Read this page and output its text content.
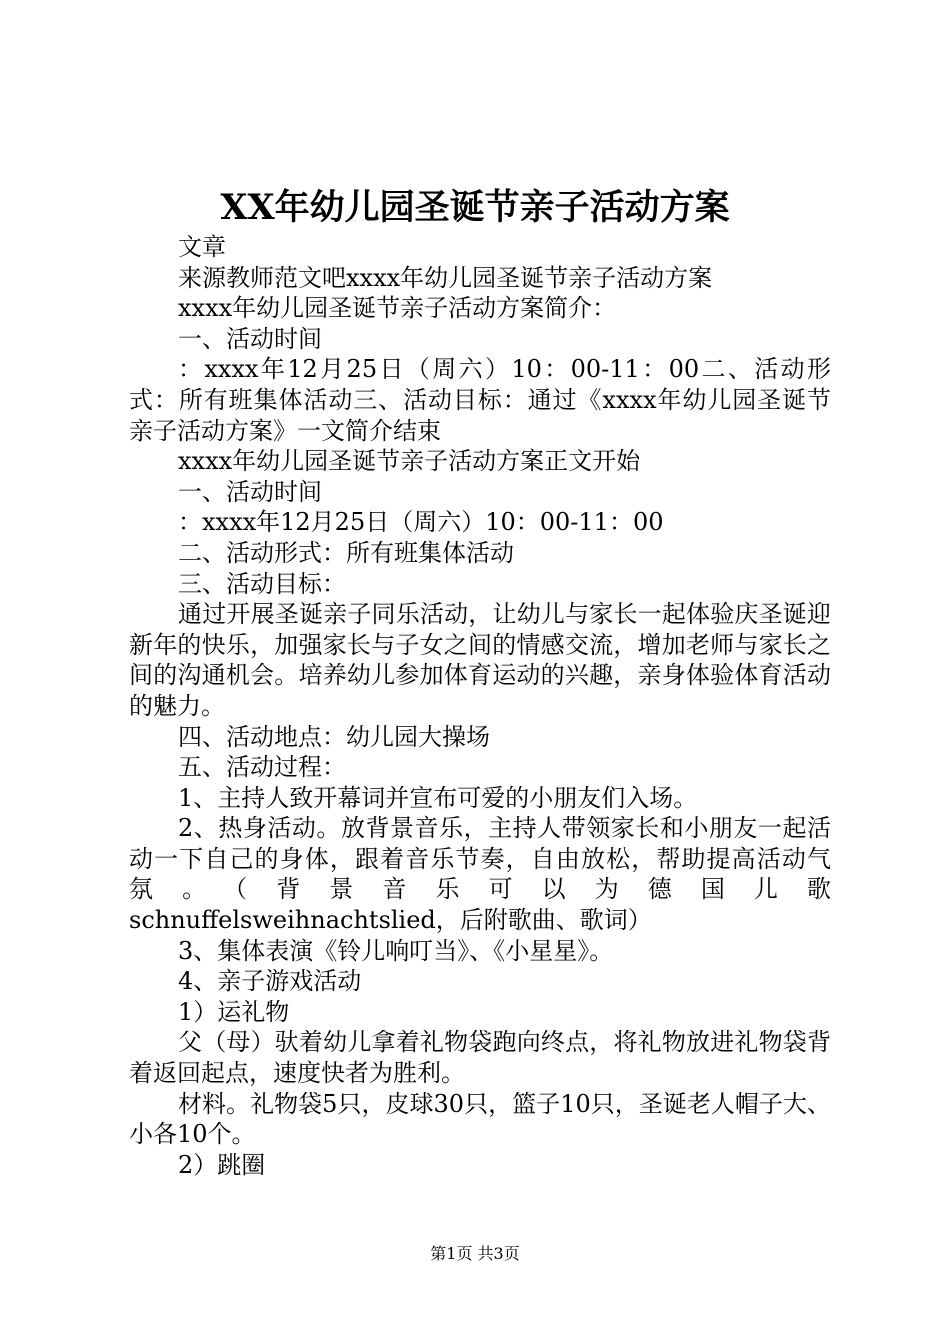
XX年幼儿园圣诞节亲子活动方案

文章

来源教师范文吧xxxx年幼儿园圣诞节亲子活动方案

xxxx年幼儿园圣诞节亲子活动方案简介：

一、活动时间

：xxxx年12月25日（周六）10：00-11：00二、活动形式：所有班集体活动三、活动目标：通过《xxxx年幼儿园圣诞节亲子活动方案》一文简介结束

xxxx年幼儿园圣诞节亲子活动方案正文开始

一、活动时间

：xxxx年12月25日（周六）10：00-11：00

二、活动形式：所有班集体活动

三、活动目标：

通过开展圣诞亲子同乐活动，让幼儿与家长一起体验庆圣诞迎新年的快乐，加强家长与子女之间的情感交流，增加老师与家长之间的沟通机会。培养幼儿参加体育运动的兴趣，亲身体验体育活动的魅力。

四、活动地点：幼儿园大操场

五、活动过程：

1、主持人致开幕词并宣布可爱的小朋友们入场。

2、热身活动。放背景音乐，主持人带领家长和小朋友一起活动一下自己的身体，跟着音乐节奏，自由放松，帮助提高活动气氛。（背景音乐可以为德国儿歌

schnuffelsweihnachtslied，后附歌曲、歌词）

3、集体表演《铃儿响叮当》、《小星星》。

4、亲子游戏活动

1）运礼物

父（母）驮着幼儿拿着礼物袋跑向终点，将礼物放进礼物袋背着返回起点，速度快者为胜利。

材料。礼物袋5只，皮球30只，篮子10只，圣诞老人帽子大、小各10个。

2）跳圈

第1页 共3页
